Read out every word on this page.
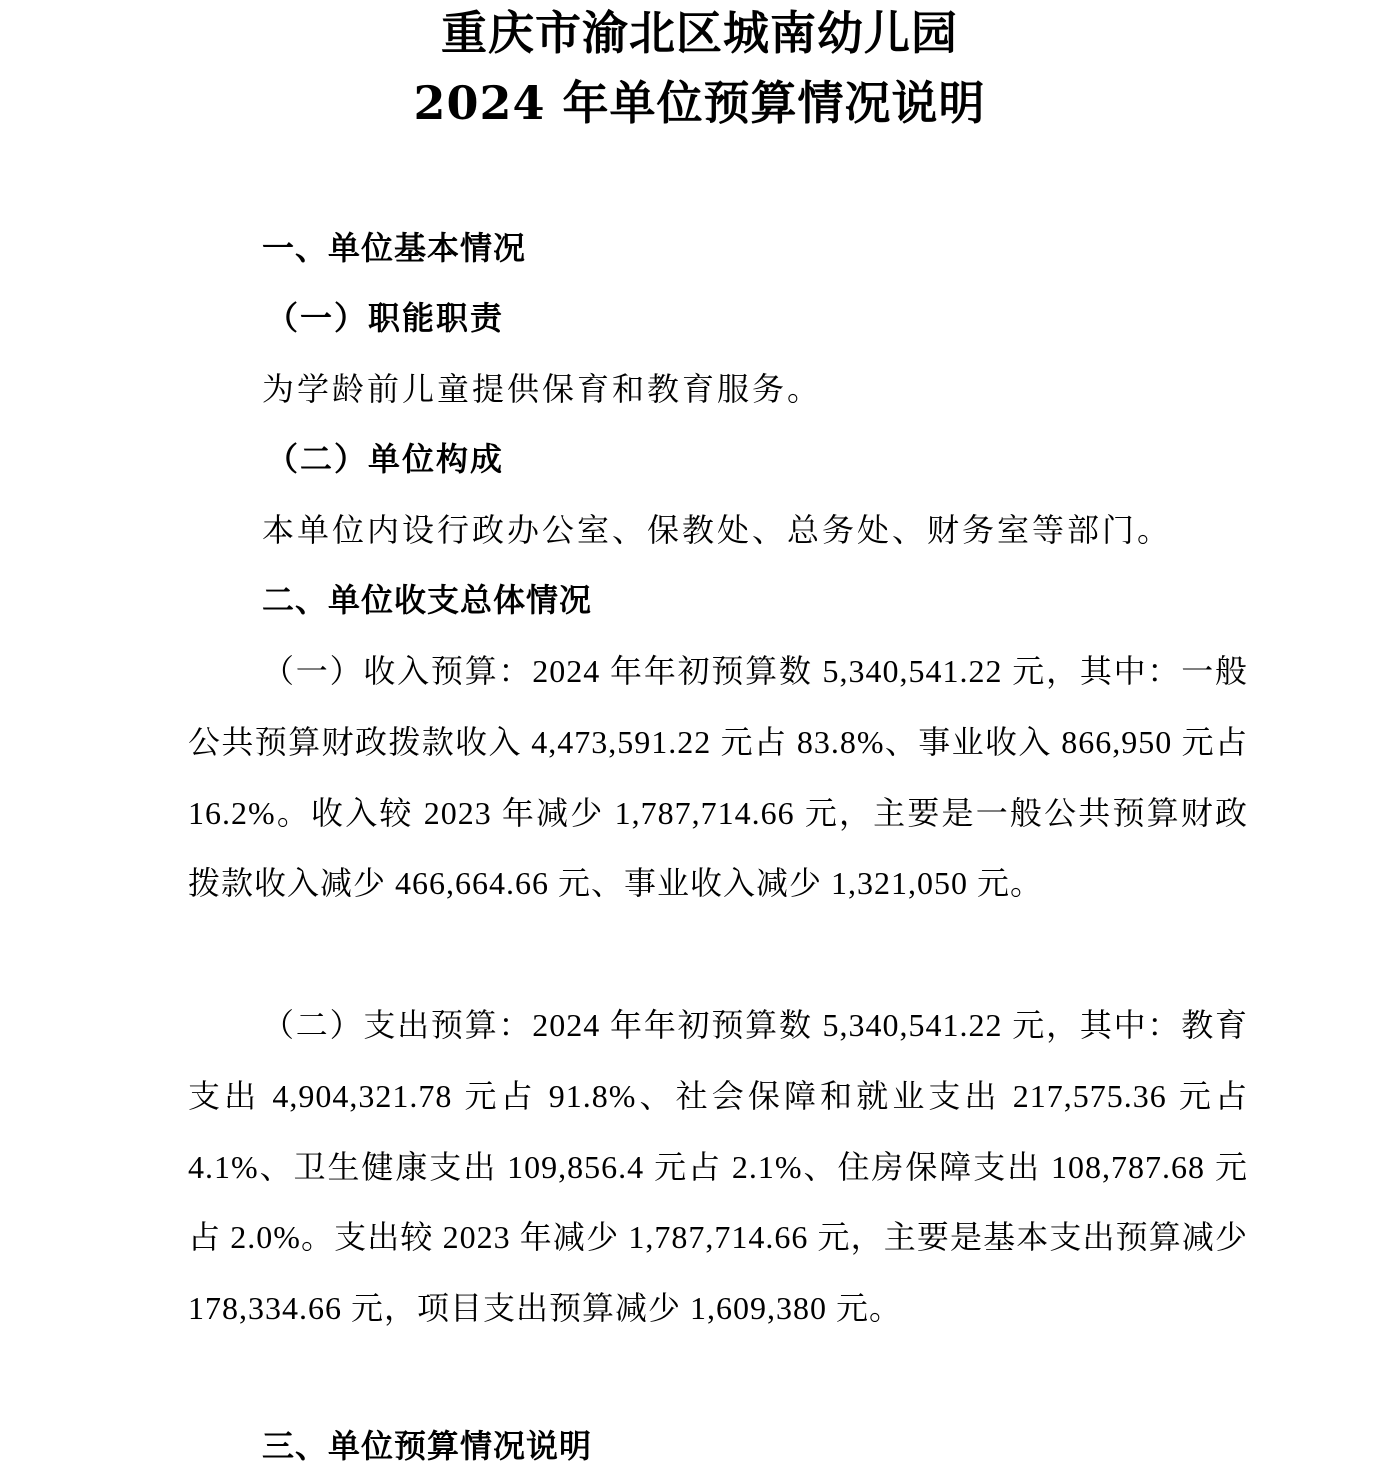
重庆市渝北区城南幼儿园
2024 年单位预算情况说明
一、单位基本情况
（一）职能职责

为学龄前儿童提供保育和教育服务。

（二）单位构成

本单位内设行政办公室、保教处、总务处、财务室等部门。

二、单位收支总体情况

（一）收入预算：2024 年年初预算数 5,340,541.22 元，其中：一般公共预算财政拨款收入 4,473,591.22 元占 83.8%、事业收入 866,950 元占 16.2%。收入较 2023 年减少 1,787,714.66 元，主要是一般公共预算财政拨款收入减少 466,664.66 元、事业收入减少 1,321,050 元。

（二）支出预算：2024 年年初预算数 5,340,541.22 元，其中：教育支出 4,904,321.78 元占 91.8%、社会保障和就业支出 217,575.36 元占 4.1%、卫生健康支出 109,856.4 元占 2.1%、住房保障支出 108,787.68 元占 2.0%。支出较 2023 年减少 1,787,714.66 元，主要是基本支出预算减少 178,334.66 元，项目支出预算减少 1,609,380 元。

三、单位预算情况说明
